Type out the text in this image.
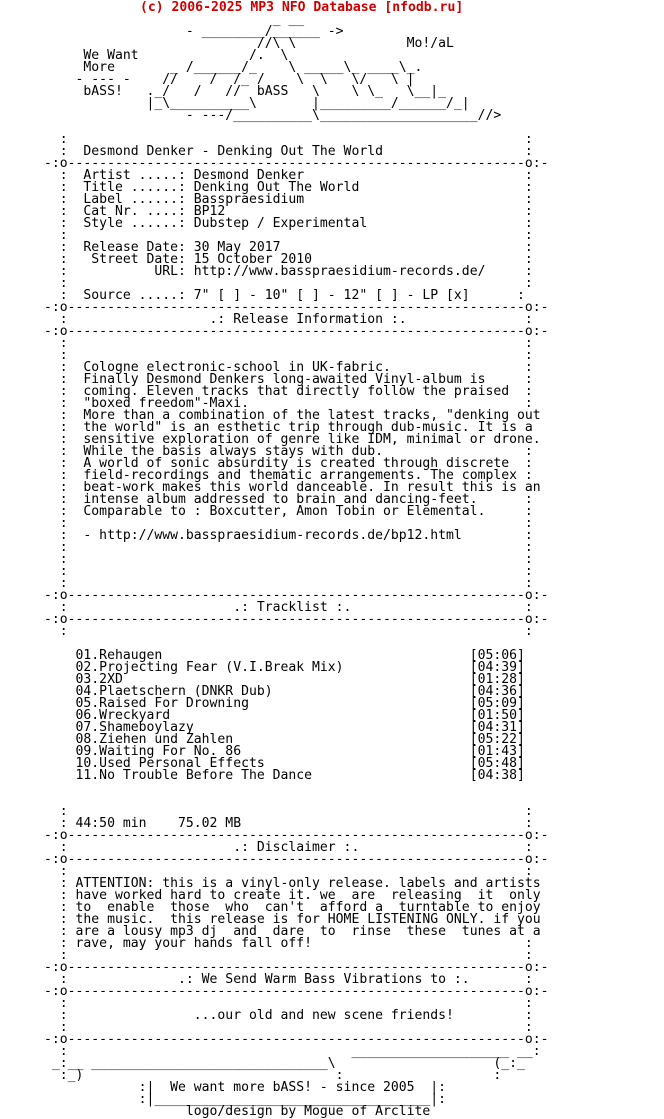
(c) 2006-2025 MP3 NFO Database [nfodb.ru]
_ __
- ________/______ ->
//\ \              Mo!/aL
We Want              /.  \
More       _ /______/_    \ _____\_ ____\_.
- --- -    //    /  /_ /    \  \   \/   \ |
bASS!   ._/   /   //  bASS   \    \ \_   \__|_
|_\__________\       |_________/______/_|
- ---/__________\____________________//>

:                                                          :
:  Desmond Denker - Denking Out The World                  :
-:o----------------------------------------------------------o:-
:  Artist .....: Desmond Denker                            :
:  Title ......: Denking Out The World                     :
:  Label ......: Basspraesidium                            :
:  Cat Nr. ....: BP12                                      :
:  Style ......: Dubstep / Experimental                    :
:                                                          :
:  Release Date: 30 May 2017                               :
:   Street Date: 15 October 2010                           :
:           URL: http://www.basspraesidium-records.de/     :
:                                                          :
:  Source .....: 7" [ ] - 10" [ ] - 12" [ ] - LP [x]      :
-:o----------------------------------------------------------o:-
:                  .: Release Information :.               :
-:o----------------------------------------------------------o:-
:                                                          :
:                                                          :
:  Cologne electronic-school in UK-fabric.                 :
:  Finally Desmond Denkers long-awaited Vinyl-album is     :
:  coming. Eleven tracks that directly follow the praised  :
:  "boxed freedom"-Maxi.                                   :
:  More than a combination of the latest tracks, "denking out
:  the world" is an esthetic trip through dub-music. It is a
:  sensitive exploration of genre like IDM, minimal or drone.
:  While the basis always stays with dub.                  :
:  A world of sonic absurdity is created through discrete  :
:  field-recordings and thematic arrangements. The complex :
:  beat-work makes this world danceable. In result this is an
:  intense album addressed to brain and dancing-feet.      :
:  Comparable to : Boxcutter, Amon Tobin or Elemental.     :
:                                                          :
:  - http://www.basspraesidium-records.de/bp12.html        :
:                                                          :
:                                                          :
:                                                          :
:                                                          :
-:o----------------------------------------------------------o:-
:                     .: Tracklist :.                      :
-:o----------------------------------------------------------o:-
:                                                          :

01.Rehaugen                                       [05:06]
02.Projecting Fear (V.I.Break Mix)                [04:39]
03.2XD                                            [01:28]
04.Plaetschern (DNKR Dub)                         [04:36]
05.Raised For Drowning                            [05:09]
06.Wreckyard                                      [01:50]
07.Shameboylazy                                   [04:31]
08.Ziehen und Zahlen                              [05:22]
09.Waiting For No. 86                             [01:43]
10.Used Personal Effects                          [05:48]
11.No Trouble Before The Dance                    [04:38]

:                                                          :
: 44:50 min    75.02 MB                                    :
-:o----------------------------------------------------------o:-
:                     .: Disclaimer :.                     :
-:o----------------------------------------------------------o:-
:                                                          :
: ATTENTION: this is a vinyl-only release. labels and artists
: have worked hard to create it. we  are  releasing  it  only
: to  enable  those  who  can't  afford a  turntable to enjoy
: the music.  this release is for HOME LISTENING ONLY. if you
: are a lousy mp3 dj  and  dare  to  rinse  these  tunes at a
: rave, may your hands fall off!                           :
:                                                          :
-:o----------------------------------------------------------o:-
:              .: We Send Warm Bass Vibrations to :.       :
-:o----------------------------------------------------------o:-
:                                                          :
:                ...our old and new scene friends!         :
:                                                          :
-:o----------------------------------------------------------o:-
:                                    ____________________ __:
_:__ ______________________________\                    (_:_
:_)                                :                   :
:|  We want more bASS! - since 2005  |:
:|___________________________________|:
logo/design by Mogue of Arclite
